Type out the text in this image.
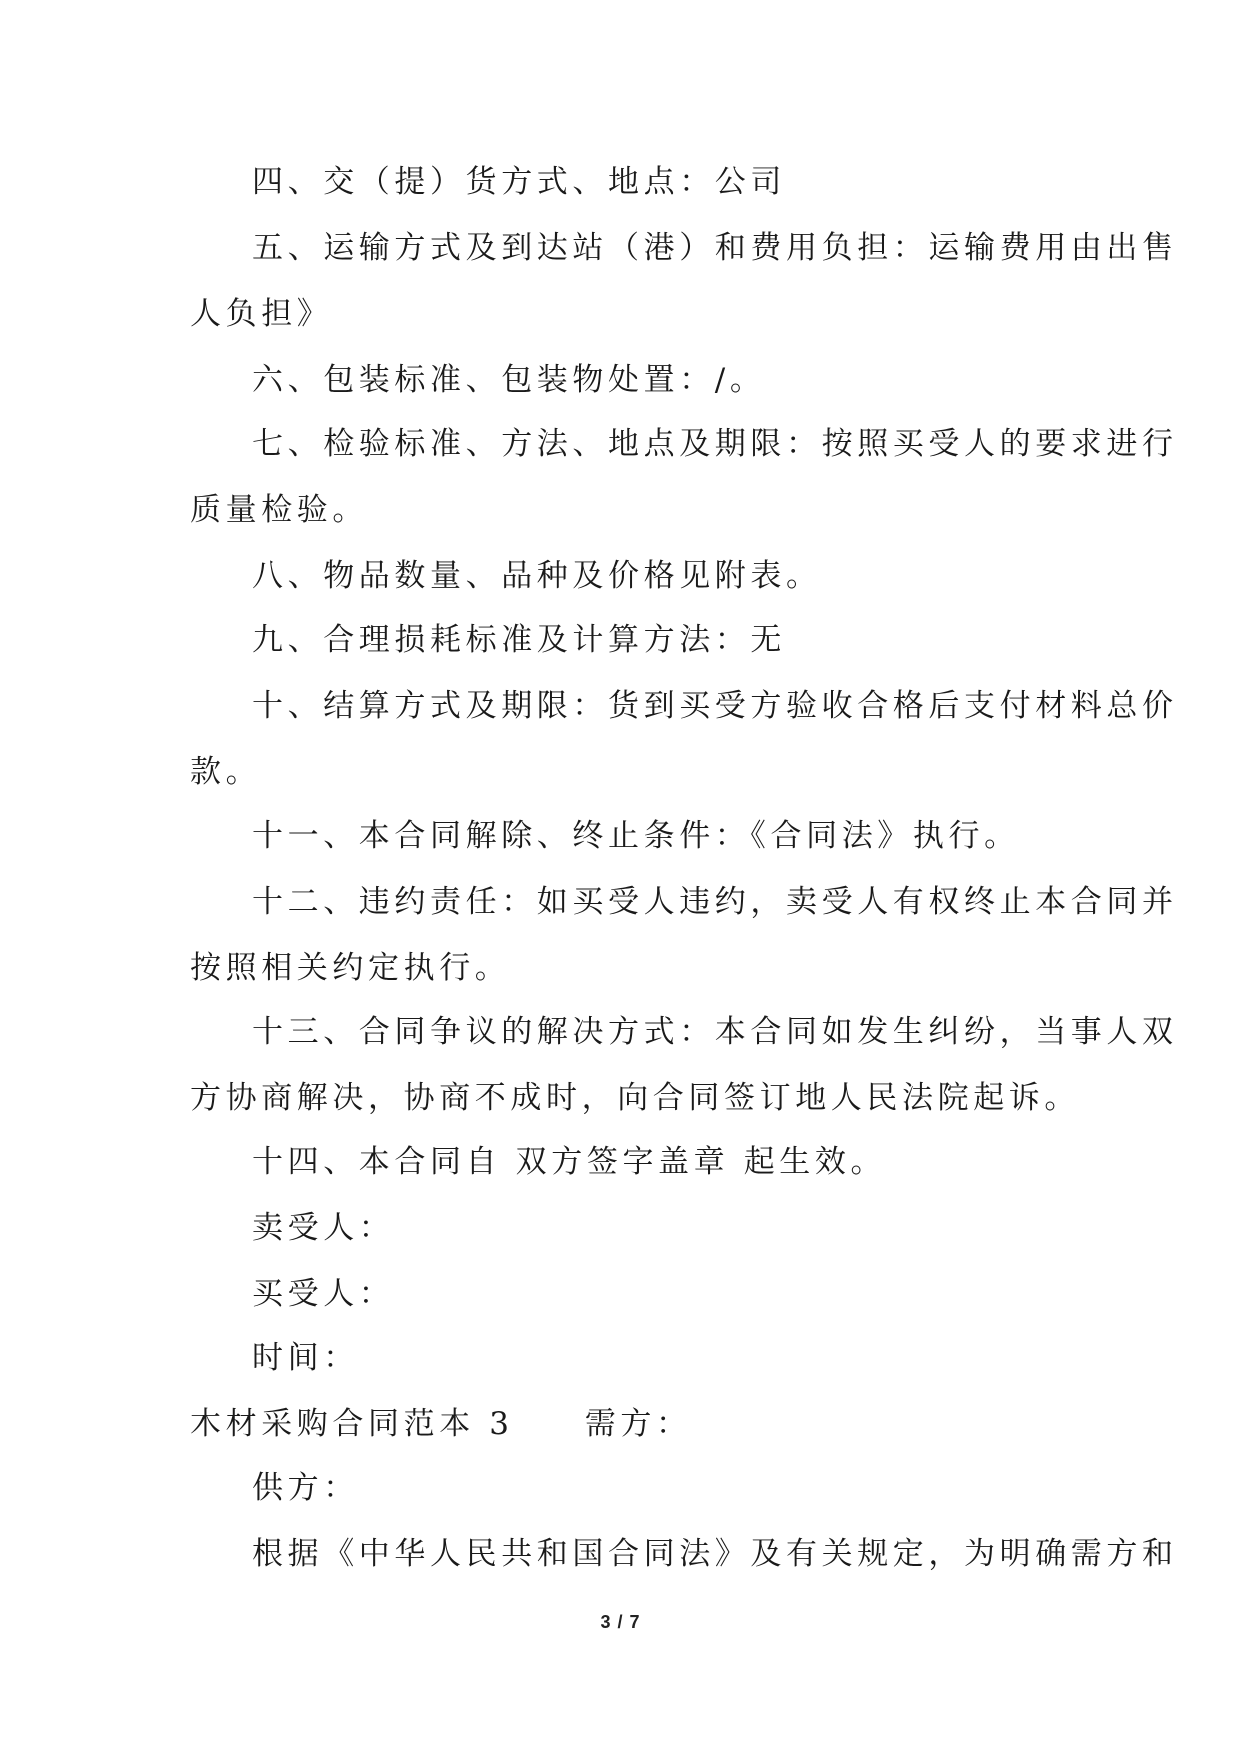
四、交（提）货方式、地点：公司
五、运输方式及到达站（港）和费用负担：运输费用由出售
人负担》
六、包装标准、包装物处置：/。
七、检验标准、方法、地点及期限：按照买受人的要求进行
质量检验。
八、物品数量、品种及价格见附表。
九、合理损耗标准及计算方法：无
十、结算方式及期限：货到买受方验收合格后支付材料总价
款。
十一、本合同解除、终止条件：《合同法》执行。
十二、违约责任：如买受人违约，卖受人有权终止本合同并
按照相关约定执行。
十三、合同争议的解决方式：本合同如发生纠纷，当事人双
方协商解决，协商不成时，向合同签订地人民法院起诉。
十四、本合同自 双方签字盖章 起生效。
卖受人：
买受人：
时间：
木材采购合同范本 3　　需方：
供方：
根据《中华人民共和国合同法》及有关规定，为明确需方和
3 / 7
